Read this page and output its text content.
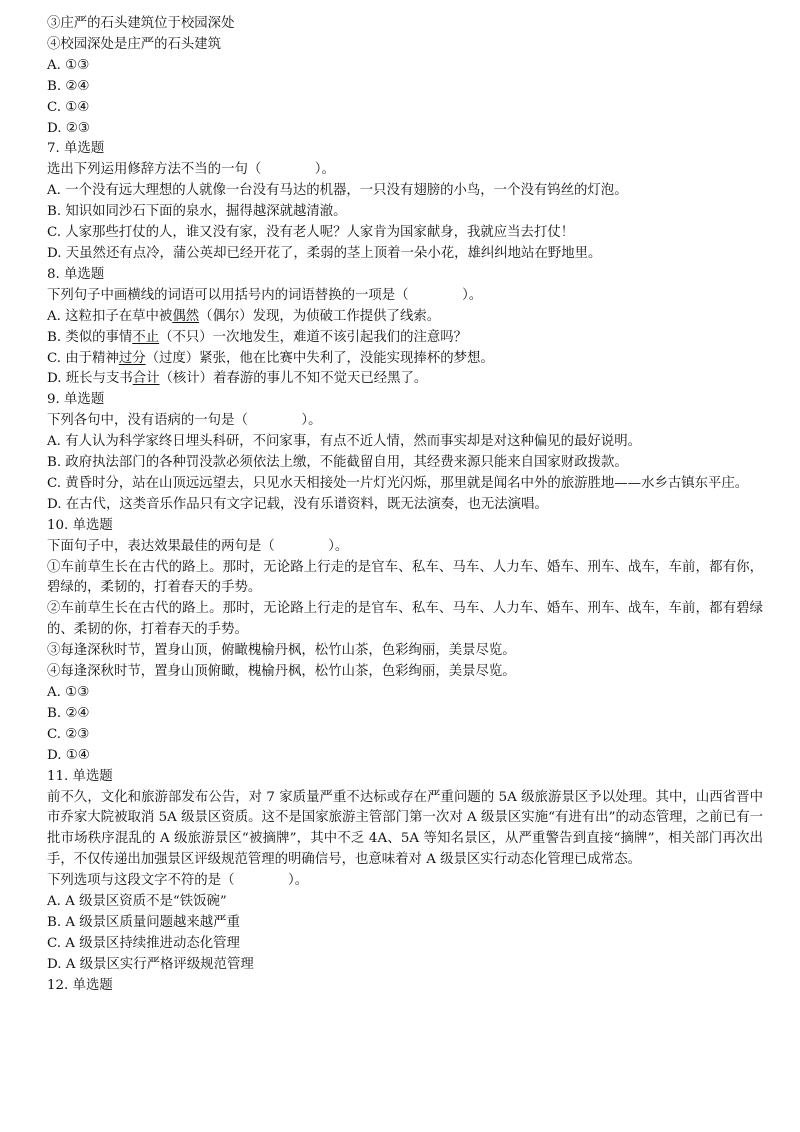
③庄严的石头建筑位于校园深处

④校园深处是庄严的石头建筑

A. ①③

B. ②④

C. ①④

D. ②③

7. 单选题

选出下列运用修辞方法不当的一句（　　　　）。

A. 一个没有远大理想的人就像一台没有马达的机器，一只没有翅膀的小鸟，一个没有钨丝的灯泡。

B. 知识如同沙石下面的泉水，掘得越深就越清澈。

C. 人家那些打仗的人，谁又没有家，没有老人呢？人家肯为国家献身，我就应当去打仗！

D. 天虽然还有点冷，蒲公英却已经开花了，柔弱的茎上顶着一朵小花，雄纠纠地站在野地里。

8. 单选题

下列句子中画横线的词语可以用括号内的词语替换的一项是（　　　　）。

A. 这粒扣子在草中被偶然（偶尔）发现，为侦破工作提供了线索。

B. 类似的事情不止（不只）一次地发生，难道不该引起我们的注意吗？

C. 由于精神过分（过度）紧张，他在比赛中失利了，没能实现捧杯的梦想。

D. 班长与支书合计（核计）着春游的事儿不知不觉天已经黑了。

9. 单选题

下列各句中，没有语病的一句是（　　　　）。

A. 有人认为科学家终日埋头科研，不问家事，有点不近人情，然而事实却是对这种偏见的最好说明。

B. 政府执法部门的各种罚没款必须依法上缴，不能截留自用，其经费来源只能来自国家财政拨款。

C. 黄昏时分，站在山顶远远望去，只见水天相接处一片灯光闪烁，那里就是闻名中外的旅游胜地——水乡古镇东平庄。

D. 在古代，这类音乐作品只有文字记载，没有乐谱资料，既无法演奏，也无法演唱。

10. 单选题

下面句子中，表达效果最佳的两句是（　　　　）。

①车前草生长在古代的路上。那时，无论路上行走的是官车、私车、马车、人力车、婚车、刑车、战车，车前，都有你，碧绿的，柔韧的，打着春天的手势。

②车前草生长在古代的路上。那时，无论路上行走的是官车、私车、马车、人力车、婚车、刑车、战车，车前，都有碧绿的、柔韧的你，打着春天的手势。

③每逢深秋时节，置身山顶，俯瞰槐榆丹枫，松竹山茶，色彩绚丽，美景尽览。

④每逢深秋时节，置身山顶俯瞰，槐榆丹枫，松竹山茶，色彩绚丽，美景尽览。

A. ①③

B. ②④

C. ②③

D. ①④

11. 单选题

前不久，文化和旅游部发布公告，对 7 家质量严重不达标或存在严重问题的 5A 级旅游景区予以处理。其中，山西省晋中市乔家大院被取消 5A 级景区资质。这不是国家旅游主管部门第一次对 A 级景区实施“有进有出”的动态管理，之前已有一批市场秩序混乱的 A 级旅游景区“被摘牌”，其中不乏 4A、5A 等知名景区，从严重警告到直接“摘牌”，相关部门再次出手，不仅传递出加强景区评级规范管理的明确信号，也意味着对 A 级景区实行动态化管理已成常态。

下列选项与这段文字不符的是（　　　　）。

A. A 级景区资质不是“铁饭碗”

B. A 级景区质量问题越来越严重

C. A 级景区持续推进动态化管理

D. A 级景区实行严格评级规范管理

12. 单选题
